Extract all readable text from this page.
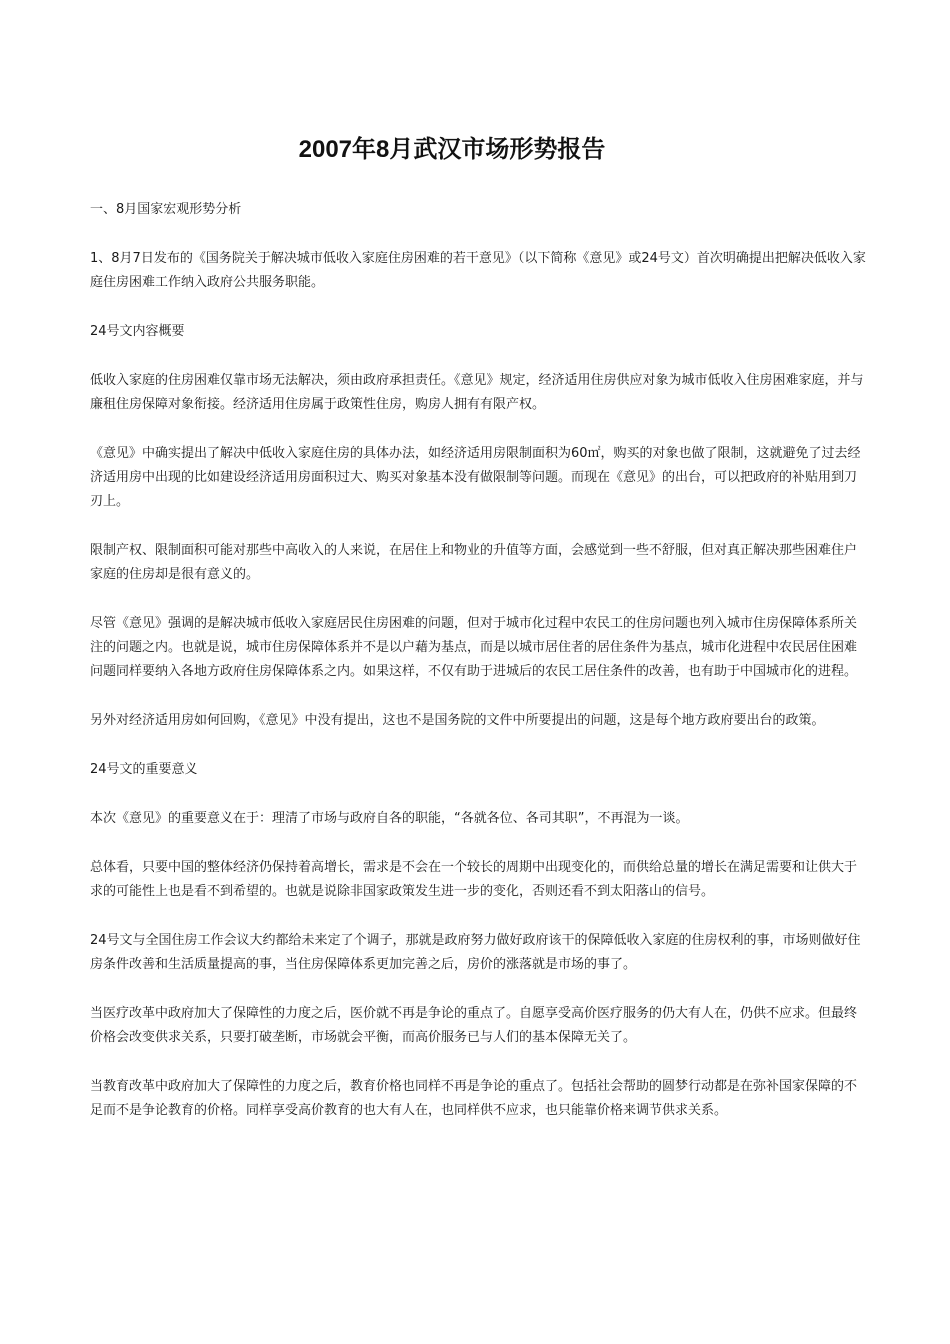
2007年8月武汉市场形势报告

一、8月国家宏观形势分析

1、8月7日发布的《国务院关于解决城市低收入家庭住房困难的若干意见》（以下简称《意见》或24号文）首次明确提出把解决低收入家庭住房困难工作纳入政府公共服务职能。

24号文内容概要

低收入家庭的住房困难仅靠市场无法解决，须由政府承担责任。《意见》规定，经济适用住房供应对象为城市低收入住房困难家庭，并与廉租住房保障对象衔接。经济适用住房属于政策性住房，购房人拥有有限产权。

《意见》中确实提出了解决中低收入家庭住房的具体办法，如经济适用房限制面积为60㎡，购买的对象也做了限制，这就避免了过去经济适用房中出现的比如建设经济适用房面积过大、购买对象基本没有做限制等问题。而现在《意见》的出台，可以把政府的补贴用到刀刃上。

限制产权、限制面积可能对那些中高收入的人来说，在居住上和物业的升值等方面，会感觉到一些不舒服，但对真正解决那些困难住户家庭的住房却是很有意义的。

尽管《意见》强调的是解决城市低收入家庭居民住房困难的问题，但对于城市化过程中农民工的住房问题也列入城市住房保障体系所关注的问题之内。也就是说，城市住房保障体系并不是以户藉为基点，而是以城市居住者的居住条件为基点，城市化进程中农民居住困难问题同样要纳入各地方政府住房保障体系之内。如果这样，不仅有助于进城后的农民工居住条件的改善，也有助于中国城市化的进程。

另外对经济适用房如何回购，《意见》中没有提出，这也不是国务院的文件中所要提出的问题，这是每个地方政府要出台的政策。

24号文的重要意义

本次《意见》的重要意义在于：理清了市场与政府自各的职能，“各就各位、各司其职”，不再混为一谈。

总体看，只要中国的整体经济仍保持着高增长，需求是不会在一个较长的周期中出现变化的，而供给总量的增长在满足需要和让供大于求的可能性上也是看不到希望的。也就是说除非国家政策发生进一步的变化，否则还看不到太阳落山的信号。

24号文与全国住房工作会议大约都给未来定了个调子，那就是政府努力做好政府该干的保障低收入家庭的住房权利的事，市场则做好住房条件改善和生活质量提高的事，当住房保障体系更加完善之后，房价的涨落就是市场的事了。

当医疗改革中政府加大了保障性的力度之后，医价就不再是争论的重点了。自愿享受高价医疗服务的仍大有人在，仍供不应求。但最终价格会改变供求关系，只要打破垄断，市场就会平衡，而高价服务已与人们的基本保障无关了。

当教育改革中政府加大了保障性的力度之后，教育价格也同样不再是争论的重点了。包括社会帮助的圆梦行动都是在弥补国家保障的不足而不是争论教育的价格。同样享受高价教育的也大有人在，也同样供不应求，也只能靠价格来调节供求关系。
